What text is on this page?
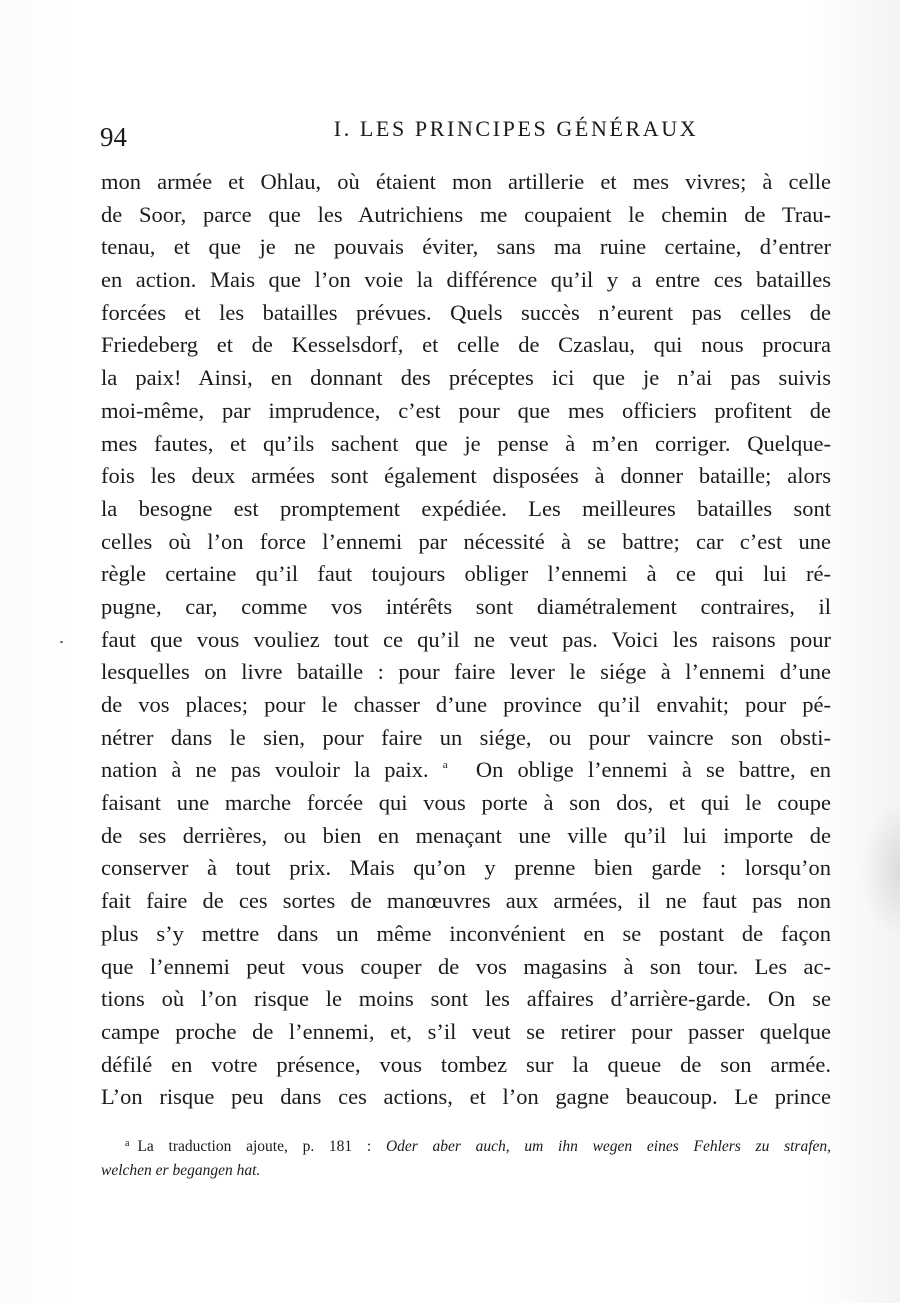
94	I. LES PRINCIPES GÉNÉRAUX
mon armée et Ohlau, où étaient mon artillerie et mes vivres; à celle
de Soor, parce que les Autrichiens me coupaient le chemin de Trau-
tenau, et que je ne pouvais éviter, sans ma ruine certaine, d’entrer
en action. Mais que l’on voie la différence qu’il y a entre ces batailles
forcées et les batailles prévues. Quels succès n’eurent pas celles de
Friedeberg et de Kesselsdorf, et celle de Czaslau, qui nous procura
la paix! Ainsi, en donnant des préceptes ici que je n’ai pas suivis
moi-même, par imprudence, c’est pour que mes officiers profitent de
mes fautes, et qu’ils sachent que je pense à m’en corriger. Quelque-
fois les deux armées sont également disposées à donner bataille; alors
la besogne est promptement expédiée. Les meilleures batailles sont
celles où l’on force l’ennemi par nécessité à se battre; car c’est une
règle certaine qu’il faut toujours obliger l’ennemi à ce qui lui ré-
pugne, car, comme vos intérêts sont diamétralement contraires, il
faut que vous vouliez tout ce qu’il ne veut pas. Voici les raisons pour
lesquelles on livre bataille : pour faire lever le siége à l’ennemi d’une
de vos places; pour le chasser d’une province qu’il envahit; pour pé-
nétrer dans le sien, pour faire un siége, ou pour vaincre son obsti-
nation à ne pas vouloir la paix. $^a$ On oblige l’ennemi à se battre, en
faisant une marche forcée qui vous porte à son dos, et qui le coupe
de ses derrières, ou bien en menaçant une ville qu’il lui importe de
conserver à tout prix. Mais qu’on y prenne bien garde : lorsqu’on
fait faire de ces sortes de manœuvres aux armées, il ne faut pas non
plus s’y mettre dans un même inconvénient en se postant de façon
que l’ennemi peut vous couper de vos magasins à son tour. Les ac-
tions où l’on risque le moins sont les affaires d’arrière-garde. On se
campe proche de l’ennemi, et, s’il veut se retirer pour passer quelque
défilé en votre présence, vous tombez sur la queue de son armée.
L’on risque peu dans ces actions, et l’on gagne beaucoup. Le prince
$^a$ La traduction ajoute, p. 181 : Oder aber auch, um ihn wegen eines Fehlers zu strafen,
welchen er begangen hat.
